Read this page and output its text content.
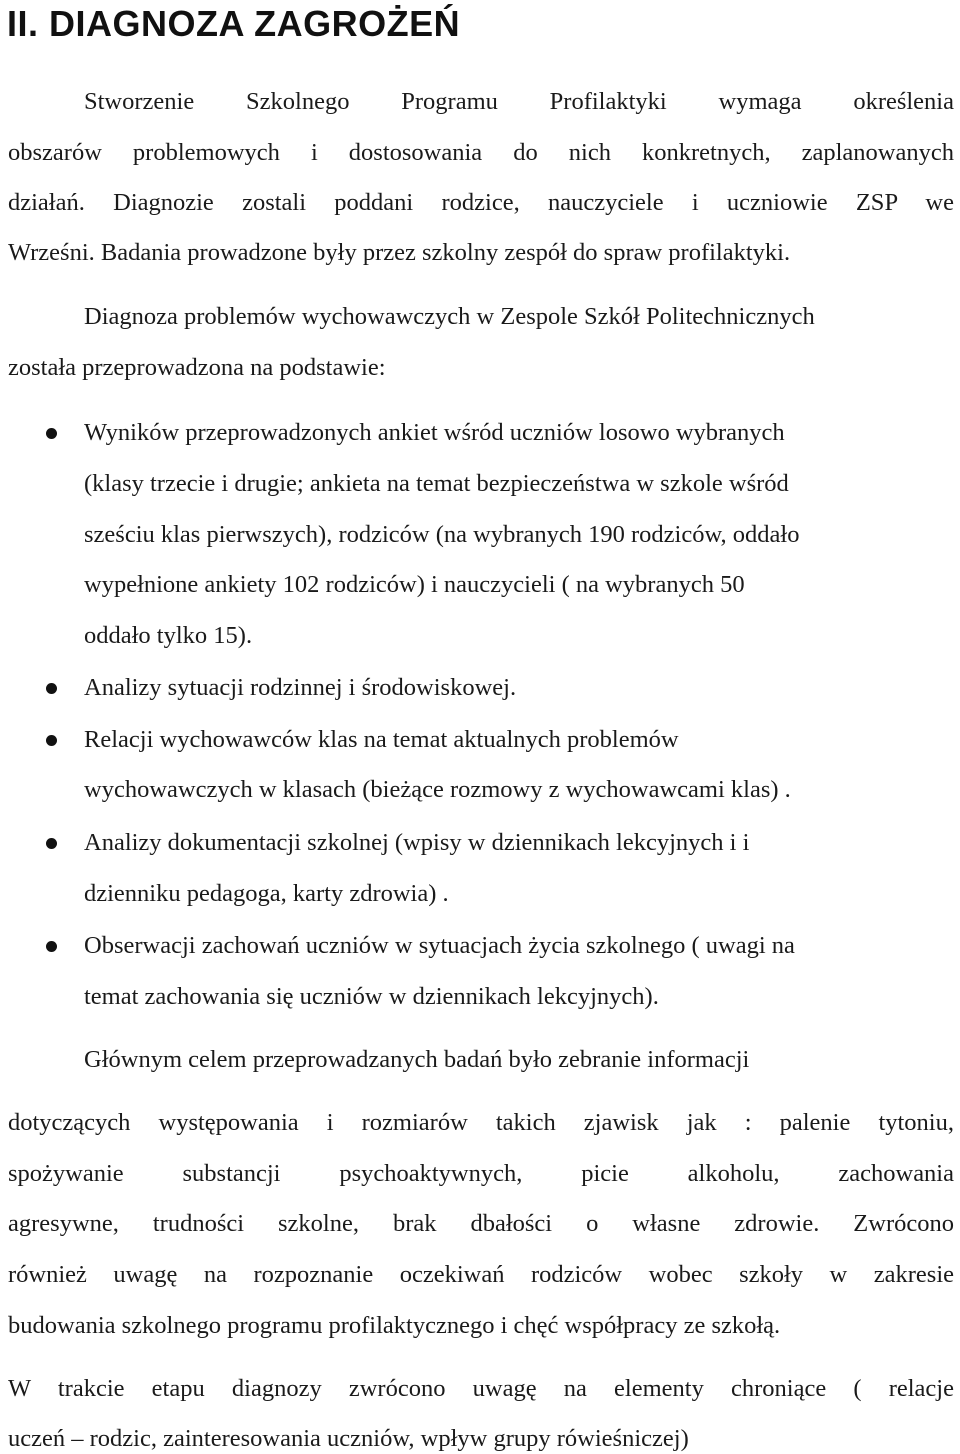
II. DIAGNOZA ZAGROŻEŃ

Stworzenie Szkolnego Programu Profilaktyki wymaga określenia

obszarów problemowych i dostosowania do nich konkretnych, zaplanowanych

działań. Diagnozie zostali poddani rodzice, nauczyciele i uczniowie ZSP we

Wrześni. Badania prowadzone były przez szkolny zespół do spraw profilaktyki.

Diagnoza problemów wychowawczych w Zespole Szkół Politechnicznych

została przeprowadzona na podstawie:

Wyników przeprowadzonych ankiet wśród uczniów losowo wybranych

(klasy trzecie i drugie; ankieta na temat bezpieczeństwa w szkole wśród

sześciu klas pierwszych), rodziców (na wybranych 190 rodziców, oddało

wypełnione ankiety 102 rodziców) i nauczycieli ( na wybranych 50

oddało tylko 15).

Analizy sytuacji rodzinnej i środowiskowej.

Relacji wychowawców klas na temat aktualnych problemów

wychowawczych w klasach (bieżące rozmowy z wychowawcami klas) .

Analizy dokumentacji szkolnej (wpisy w dziennikach lekcyjnych i i

dzienniku pedagoga, karty zdrowia) .

Obserwacji zachowań uczniów w sytuacjach życia szkolnego ( uwagi na

temat zachowania się uczniów w dziennikach lekcyjnych).

Głównym celem przeprowadzanych badań było zebranie informacji

dotyczących występowania i rozmiarów takich zjawisk jak : palenie tytoniu,

spożywanie substancji psychoaktywnych, picie alkoholu, zachowania

agresywne, trudności szkolne, brak dbałości o własne zdrowie. Zwrócono

również uwagę na rozpoznanie oczekiwań rodziców wobec szkoły w zakresie

budowania szkolnego programu profilaktycznego i chęć współpracy ze szkołą.

W trakcie etapu diagnozy zwrócono uwagę na elementy chroniące ( relacje

uczeń – rodzic, zainteresowania uczniów, wpływ grupy rówieśniczej)
